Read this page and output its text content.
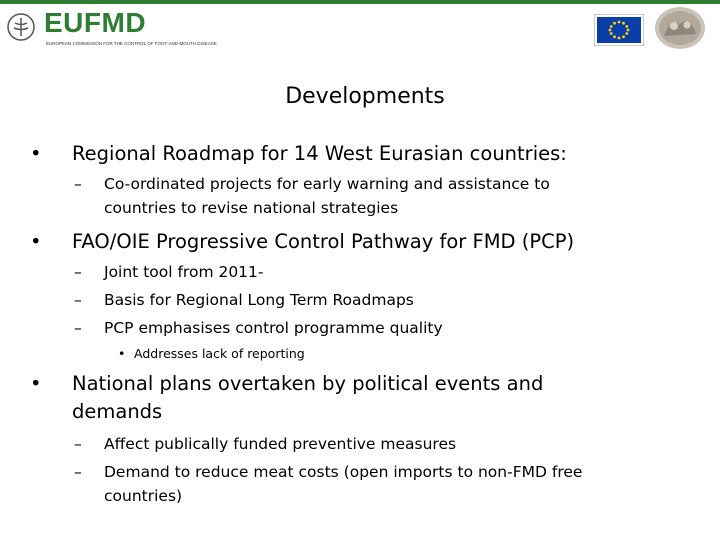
EUFMD
EUROPEAN COMMISSION FOR THE CONTROL OF FOOT-AND-MOUTH DISEASE
Developments
• Regional Roadmap for 14 West Eurasian countries:
– Co-ordinated projects for early warning and assistance to
countries to revise national strategies
• FAO/OIE Progressive Control Pathway for FMD (PCP)
– Joint tool from 2011-
– Basis for Regional Long Term Roadmaps
– PCP emphasises control programme quality
• Addresses lack of reporting
• National plans overtaken by political events and
demands
– Affect publically funded preventive measures
– Demand to reduce meat costs (open imports to non-FMD free
countries)
